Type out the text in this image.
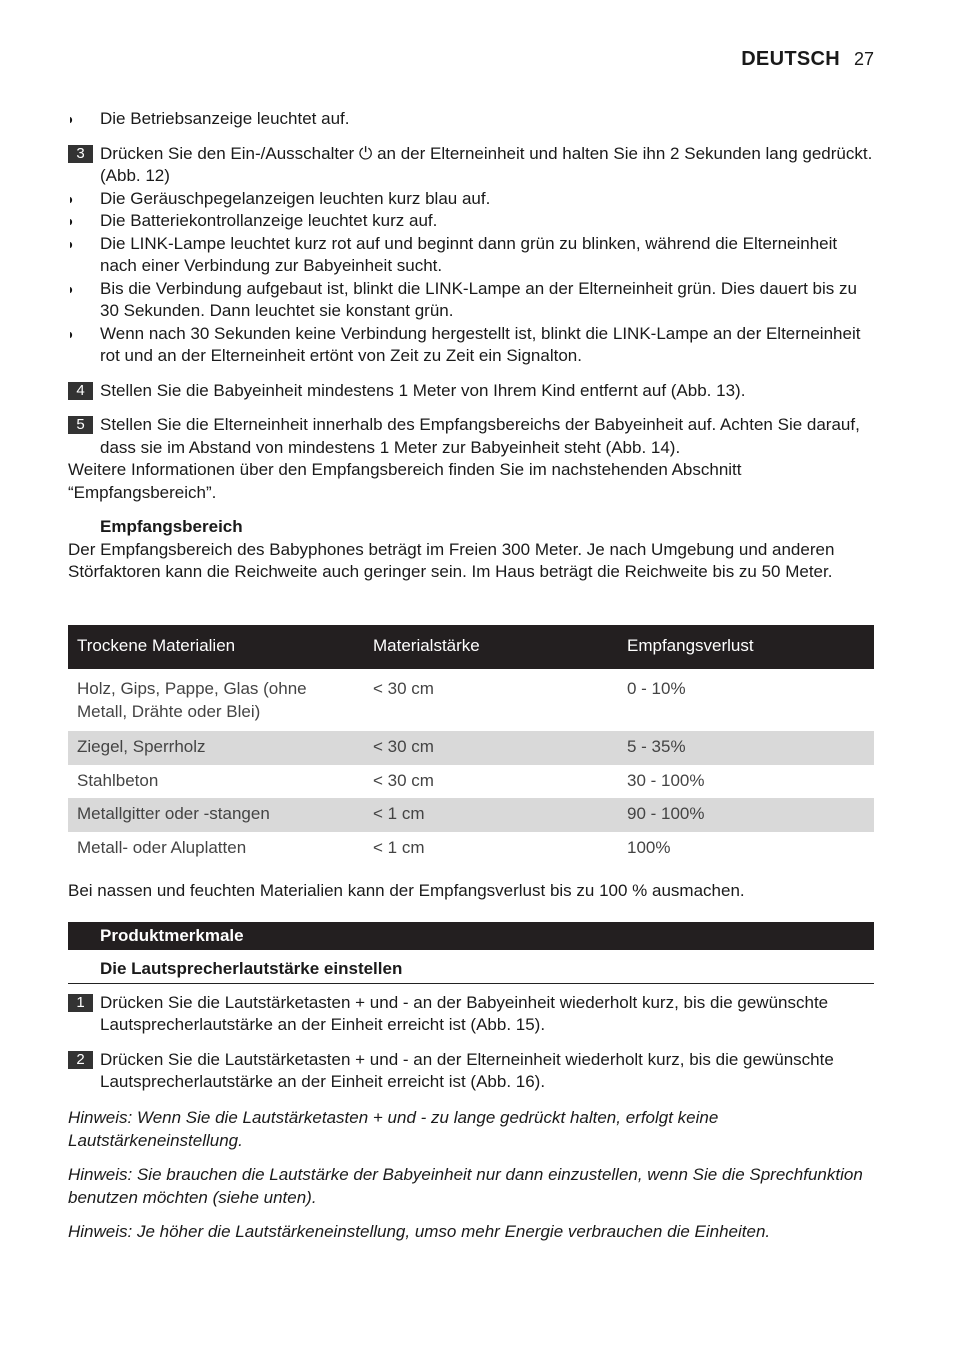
DEUTSCH 27
◗ Die Betriebsanzeige leuchtet auf.
3 Drücken Sie den Ein-/Ausschalter ⏻ an der Elterneinheit und halten Sie ihn 2 Sekunden lang gedrückt. (Abb. 12)
◗ Die Geräuschpegelanzeigen leuchten kurz blau auf.
◗ Die Batteriekontrollanzeige leuchtet kurz auf.
◗ Die LINK-Lampe leuchtet kurz rot auf und beginnt dann grün zu blinken, während die Elterneinheit nach einer Verbindung zur Babyeinheit sucht.
◗ Bis die Verbindung aufgebaut ist, blinkt die LINK-Lampe an der Elterneinheit grün. Dies dauert bis zu 30 Sekunden. Dann leuchtet sie konstant grün.
◗ Wenn nach 30 Sekunden keine Verbindung hergestellt ist, blinkt die LINK-Lampe an der Elterneinheit rot und an der Elterneinheit ertönt von Zeit zu Zeit ein Signalton.
4 Stellen Sie die Babyeinheit mindestens 1 Meter von Ihrem Kind entfernt auf (Abb. 13).
5 Stellen Sie die Elterneinheit innerhalb des Empfangsbereichs der Babyeinheit auf. Achten Sie darauf, dass sie im Abstand von mindestens 1 Meter zur Babyeinheit steht (Abb. 14).
Weitere Informationen über den Empfangsbereich finden Sie im nachstehenden Abschnitt “Empfangsbereich”.
Empfangsbereich
Der Empfangsbereich des Babyphones beträgt im Freien 300 Meter. Je nach Umgebung und anderen Störfaktoren kann die Reichweite auch geringer sein. Im Haus beträgt die Reichweite bis zu 50 Meter.
Trockene Materialien	Materialstärke	Empfangsverlust
Holz, Gips, Pappe, Glas (ohne Metall, Drähte oder Blei)	< 30 cm	0 - 10%
Ziegel, Sperrholz	< 30 cm	5 - 35%
Stahlbeton	< 30 cm	30 - 100%
Metallgitter oder -stangen	< 1 cm	90 - 100%
Metall- oder Aluplatten	< 1 cm	100%
Bei nassen und feuchten Materialien kann der Empfangsverlust bis zu 100 % ausmachen.
Produktmerkmale
Die Lautsprecherlautstärke einstellen
1 Drücken Sie die Lautstärketasten + und - an der Babyeinheit wiederholt kurz, bis die gewünschte Lautsprecherlautstärke an der Einheit erreicht ist (Abb. 15).
2 Drücken Sie die Lautstärketasten + und - an der Elterneinheit wiederholt kurz, bis die gewünschte Lautsprecherlautstärke an der Einheit erreicht ist (Abb. 16).
Hinweis: Wenn Sie die Lautstärketasten + und - zu lange gedrückt halten, erfolgt keine Lautstärkeneinstellung.
Hinweis: Sie brauchen die Lautstärke der Babyeinheit nur dann einzustellen, wenn Sie die Sprechfunktion benutzen möchten (siehe unten).
Hinweis: Je höher die Lautstärkeneinstellung, umso mehr Energie verbrauchen die Einheiten.
